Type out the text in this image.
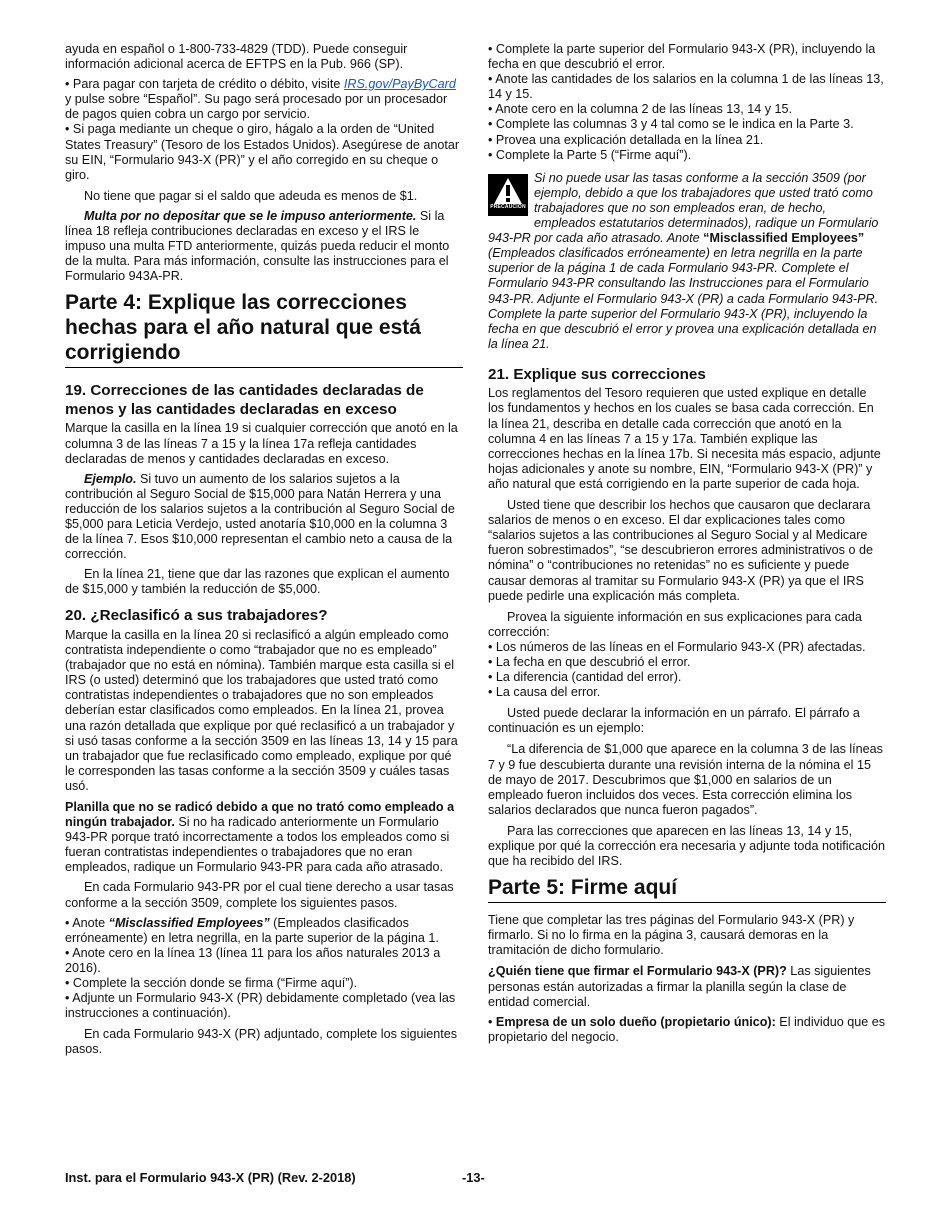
ayuda en español o 1-800-733-4829 (TDD). Puede conseguir información adicional acerca de EFTPS en la Pub. 966 (SP).

• Para pagar con tarjeta de crédito o débito, visite IRS.gov/PayByCard y pulse sobre “Español”. Su pago será procesado por un procesador de pagos quien cobra un cargo por servicio.

• Si paga mediante un cheque o giro, hágalo a la orden de “United States Treasury” (Tesoro de los Estados Unidos). Asegúrese de anotar su EIN, “Formulario 943-X (PR)” y el año corregido en su cheque o giro.

No tiene que pagar si el saldo que adeuda es menos de $1.

Multa por no depositar que se le impuso anteriormente. Si la línea 18 refleja contribuciones declaradas en exceso y el IRS le impuso una multa FTD anteriormente, quizás pueda reducir el monto de la multa. Para más información, consulte las instrucciones para el Formulario 943A-PR.

Parte 4: Explique las correcciones hechas para el año natural que está corrigiendo
19. Correcciones de las cantidades declaradas de menos y las cantidades declaradas en exceso

Marque la casilla en la línea 19 si cualquier corrección que anotó en la columna 3 de las líneas 7 a 15 y la línea 17a refleja cantidades declaradas de menos y cantidades declaradas en exceso.

Ejemplo. Si tuvo un aumento de los salarios sujetos a la contribución al Seguro Social de $15,000 para Natán Herrera y una reducción de los salarios sujetos a la contribución al Seguro Social de $5,000 para Leticia Verdejo, usted anotaría $10,000 en la columna 3 de la línea 7. Esos $10,000 representan el cambio neto a causa de la corrección.

En la línea 21, tiene que dar las razones que explican el aumento de $15,000 y también la reducción de $5,000.

20. ¿Reclasificó a sus trabajadores?

Marque la casilla en la línea 20 si reclasificó a algún empleado como contratista independiente o como “trabajador que no es empleado” (trabajador que no está en nómina). También marque esta casilla si el IRS (o usted) determinó que los trabajadores que usted trató como contratistas independientes o trabajadores que no son empleados deberían estar clasificados como empleados. En la línea 21, provea una razón detallada que explique por qué reclasificó a un trabajador y si usó tasas conforme a la sección 3509 en las líneas 13, 14 y 15 para un trabajador que fue reclasificado como empleado, explique por qué le corresponden las tasas conforme a la sección 3509 y cuáles tasas usó.

Planilla que no se radicó debido a que no trató como empleado a ningún trabajador. Si no ha radicado anteriormente un Formulario 943-PR porque trató incorrectamente a todos los empleados como si fueran contratistas independientes o trabajadores que no eran empleados, radique un Formulario 943-PR para cada año atrasado.

En cada Formulario 943-PR por el cual tiene derecho a usar tasas conforme a la sección 3509, complete los siguientes pasos.

• Anote “Misclassified Employees” (Empleados clasificados erróneamente) en letra negrilla, en la parte superior de la página 1.

• Anote cero en la línea 13 (línea 11 para los años naturales 2013 a 2016).

• Complete la sección donde se firma (“Firme aquí”).

• Adjunte un Formulario 943-X (PR) debidamente completado (vea las instrucciones a continuación).

En cada Formulario 943-X (PR) adjuntado, complete los siguientes pasos.

• Complete la parte superior del Formulario 943-X (PR), incluyendo la fecha en que descubrió el error.

• Anote las cantidades de los salarios en la columna 1 de las líneas 13, 14 y 15.

• Anote cero en la columna 2 de las líneas 13, 14 y 15.

• Complete las columnas 3 y 4 tal como se le indica en la Parte 3.

• Provea una explicación detallada en la línea 21.

• Complete la Parte 5 (“Firme aquí”).

PRECAUCIÓN
Si no puede usar las tasas conforme a la sección 3509 (por ejemplo, debido a que los trabajadores que usted trató como trabajadores que no son empleados eran, de hecho, empleados estatutarios determinados), radique un Formulario 943-PR por cada año atrasado. Anote “Misclassified Employees” (Empleados clasificados erróneamente) en letra negrilla en la parte superior de la página 1 de cada Formulario 943-PR. Complete el Formulario 943-PR consultando las Instrucciones para el Formulario 943-PR. Adjunte el Formulario 943-X (PR) a cada Formulario 943-PR. Complete la parte superior del Formulario 943-X (PR), incluyendo la fecha en que descubrió el error y provea una explicación detallada en la línea 21.
21. Explique sus correcciones

Los reglamentos del Tesoro requieren que usted explique en detalle los fundamentos y hechos en los cuales se basa cada corrección. En la línea 21, describa en detalle cada corrección que anotó en la columna 4 en las líneas 7 a 15 y 17a. También explique las correcciones hechas en la línea 17b. Si necesita más espacio, adjunte hojas adicionales y anote su nombre, EIN, “Formulario 943-X (PR)” y año natural que está corrigiendo en la parte superior de cada hoja.

Usted tiene que describir los hechos que causaron que declarara salarios de menos o en exceso. El dar explicaciones tales como “salarios sujetos a las contribuciones al Seguro Social y al Medicare fueron sobrestimados”, “se descubrieron errores administrativos o de nómina” o “contribuciones no retenidas” no es suficiente y puede causar demoras al tramitar su Formulario 943-X (PR) ya que el IRS puede pedirle una explicación más completa.

Provea la siguiente información en sus explicaciones para cada corrección:

• Los números de las líneas en el Formulario 943-X (PR) afectadas.

• La fecha en que descubrió el error.

• La diferencia (cantidad del error).

• La causa del error.

Usted puede declarar la información en un párrafo. El párrafo a continuación es un ejemplo:

“La diferencia de $1,000 que aparece en la columna 3 de las líneas 7 y 9 fue descubierta durante una revisión interna de la nómina el 15 de mayo de 2017. Descubrimos que $1,000 en salarios de un empleado fueron incluidos dos veces. Esta corrección elimina los salarios declarados que nunca fueron pagados”.

Para las correcciones que aparecen en las líneas 13, 14 y 15, explique por qué la corrección era necesaria y adjunte toda notificación que ha recibido del IRS.

Parte 5: Firme aquí

Tiene que completar las tres páginas del Formulario 943-X (PR) y firmarlo. Si no lo firma en la página 3, causará demoras en la tramitación de dicho formulario.

¿Quién tiene que firmar el Formulario 943-X (PR)? Las siguientes personas están autorizadas a firmar la planilla según la clase de entidad comercial.

• Empresa de un solo dueño (propietario único): El individuo que es propietario del negocio.

Inst. para el Formulario 943-X (PR) (Rev. 2-2018)	-13-
